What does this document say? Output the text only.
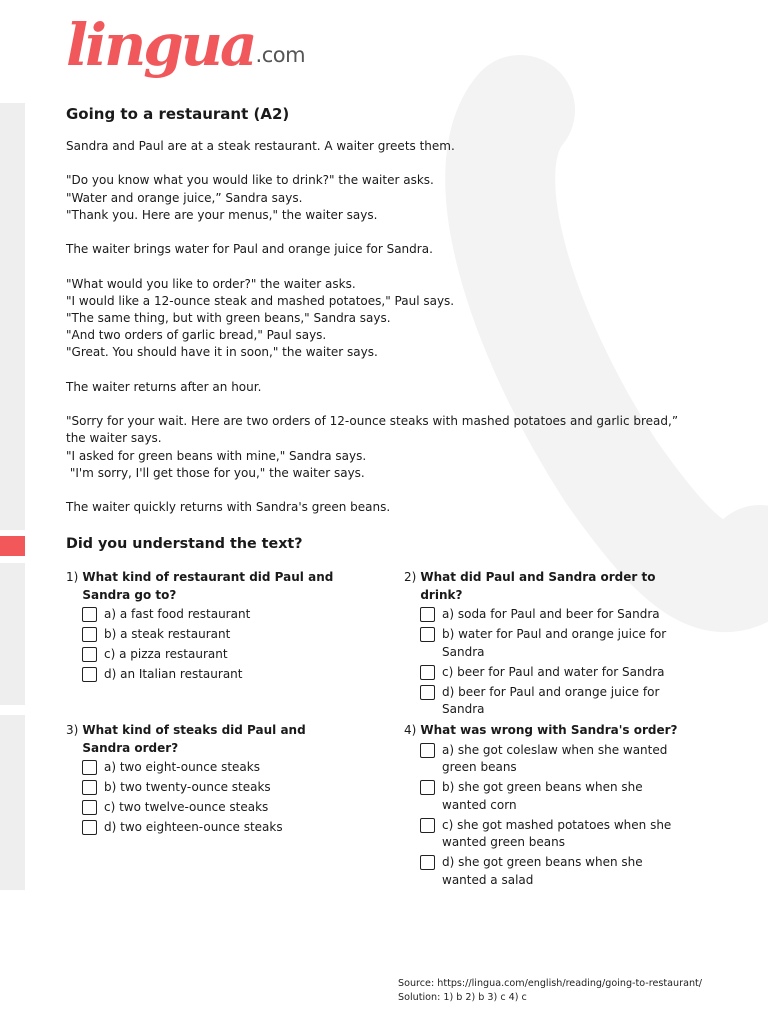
lingua .com
Going to a restaurant (A2)

Sandra and Paul are at a steak restaurant. A waiter greets them.

"Do you know what you would like to drink?" the waiter asks.

"Water and orange juice,” Sandra says.

"Thank you. Here are your menus," the waiter says.

The waiter brings water for Paul and orange juice for Sandra.

"What would you like to order?" the waiter asks.

"I would like a 12-ounce steak and mashed potatoes," Paul says.

"The same thing, but with green beans," Sandra says.

"And two orders of garlic bread," Paul says.

"Great. You should have it in soon," the waiter says.

The waiter returns after an hour.

"Sorry for your wait. Here are two orders of 12-ounce steaks with mashed potatoes and garlic bread,”

the waiter says.

"I asked for green beans with mine," Sandra says.

"I'm sorry, I'll get those for you," the waiter says.

The waiter quickly returns with Sandra's green beans.

Did you understand the text?
1) What kind of restaurant did Paul and Sandra go to?
a) a fast food restaurant
b) a steak restaurant
c) a pizza restaurant
d) an Italian restaurant
2) What did Paul and Sandra order to drink?
a) soda for Paul and beer for Sandra
b) water for Paul and orange juice for Sandra
c) beer for Paul and water for Sandra
d) beer for Paul and orange juice for Sandra
3) What kind of steaks did Paul and Sandra order?
a) two eight-ounce steaks
b) two twenty-ounce steaks
c) two twelve-ounce steaks
d) two eighteen-ounce steaks
4) What was wrong with Sandra's order?
a) she got coleslaw when she wanted green beans
b) she got green beans when she wanted corn
c) she got mashed potatoes when she wanted green beans
d) she got green beans when she wanted a salad
Source: https://lingua.com/english/reading/going-to-restaurant/
Solution: 1) b 2) b 3) c 4) c
